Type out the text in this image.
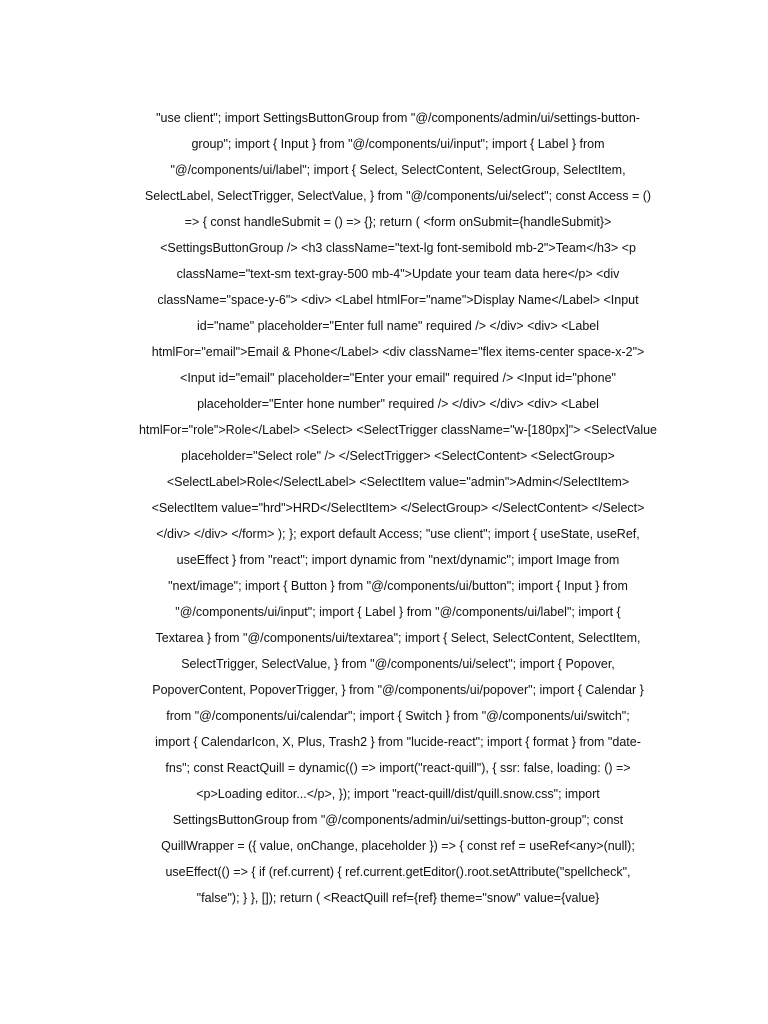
"use client"; import SettingsButtonGroup from "@/components/admin/ui/settings-button-
group"; import { Input } from "@/components/ui/input"; import { Label } from
"@/components/ui/label"; import { Select, SelectContent, SelectGroup, SelectItem,
SelectLabel, SelectTrigger, SelectValue, } from "@/components/ui/select"; const Access = ()
=> { const handleSubmit = () => {}; return ( <form onSubmit={handleSubmit}>
<SettingsButtonGroup /> <h3 className="text-lg font-semibold mb-2">Team</h3> <p
className="text-sm text-gray-500 mb-4">Update your team data here</p> <div
className="space-y-6"> <div> <Label htmlFor="name">Display Name</Label> <Input
id="name" placeholder="Enter full name" required /> </div> <div> <Label
htmlFor="email">Email & Phone</Label> <div className="flex items-center space-x-2">
<Input id="email" placeholder="Enter your email" required /> <Input id="phone"
placeholder="Enter hone number" required /> </div> </div> <div> <Label
htmlFor="role">Role</Label> <Select> <SelectTrigger className="w-[180px]"> <SelectValue
placeholder="Select role" /> </SelectTrigger> <SelectContent> <SelectGroup>
<SelectLabel>Role</SelectLabel> <SelectItem value="admin">Admin</SelectItem>
<SelectItem value="hrd">HRD</SelectItem> </SelectGroup> </SelectContent> </Select>
</div> </div> </form> ); }; export default Access; "use client"; import { useState, useRef,
useEffect } from "react"; import dynamic from "next/dynamic"; import Image from
"next/image"; import { Button } from "@/components/ui/button"; import { Input } from
"@/components/ui/input"; import { Label } from "@/components/ui/label"; import {
Textarea } from "@/components/ui/textarea"; import { Select, SelectContent, SelectItem,
SelectTrigger, SelectValue, } from "@/components/ui/select"; import { Popover,
PopoverContent, PopoverTrigger, } from "@/components/ui/popover"; import { Calendar }
from "@/components/ui/calendar"; import { Switch } from "@/components/ui/switch";
import { CalendarIcon, X, Plus, Trash2 } from "lucide-react"; import { format } from "date-
fns"; const ReactQuill = dynamic(() => import("react-quill"), { ssr: false, loading: () =>
<p>Loading editor...</p>, }); import "react-quill/dist/quill.snow.css"; import
SettingsButtonGroup from "@/components/admin/ui/settings-button-group"; const
QuillWrapper = ({ value, onChange, placeholder }) => { const ref = useRef<any>(null);
useEffect(() => { if (ref.current) { ref.current.getEditor().root.setAttribute("spellcheck",
"false"); } }, []); return ( <ReactQuill ref={ref} theme="snow" value={value}
